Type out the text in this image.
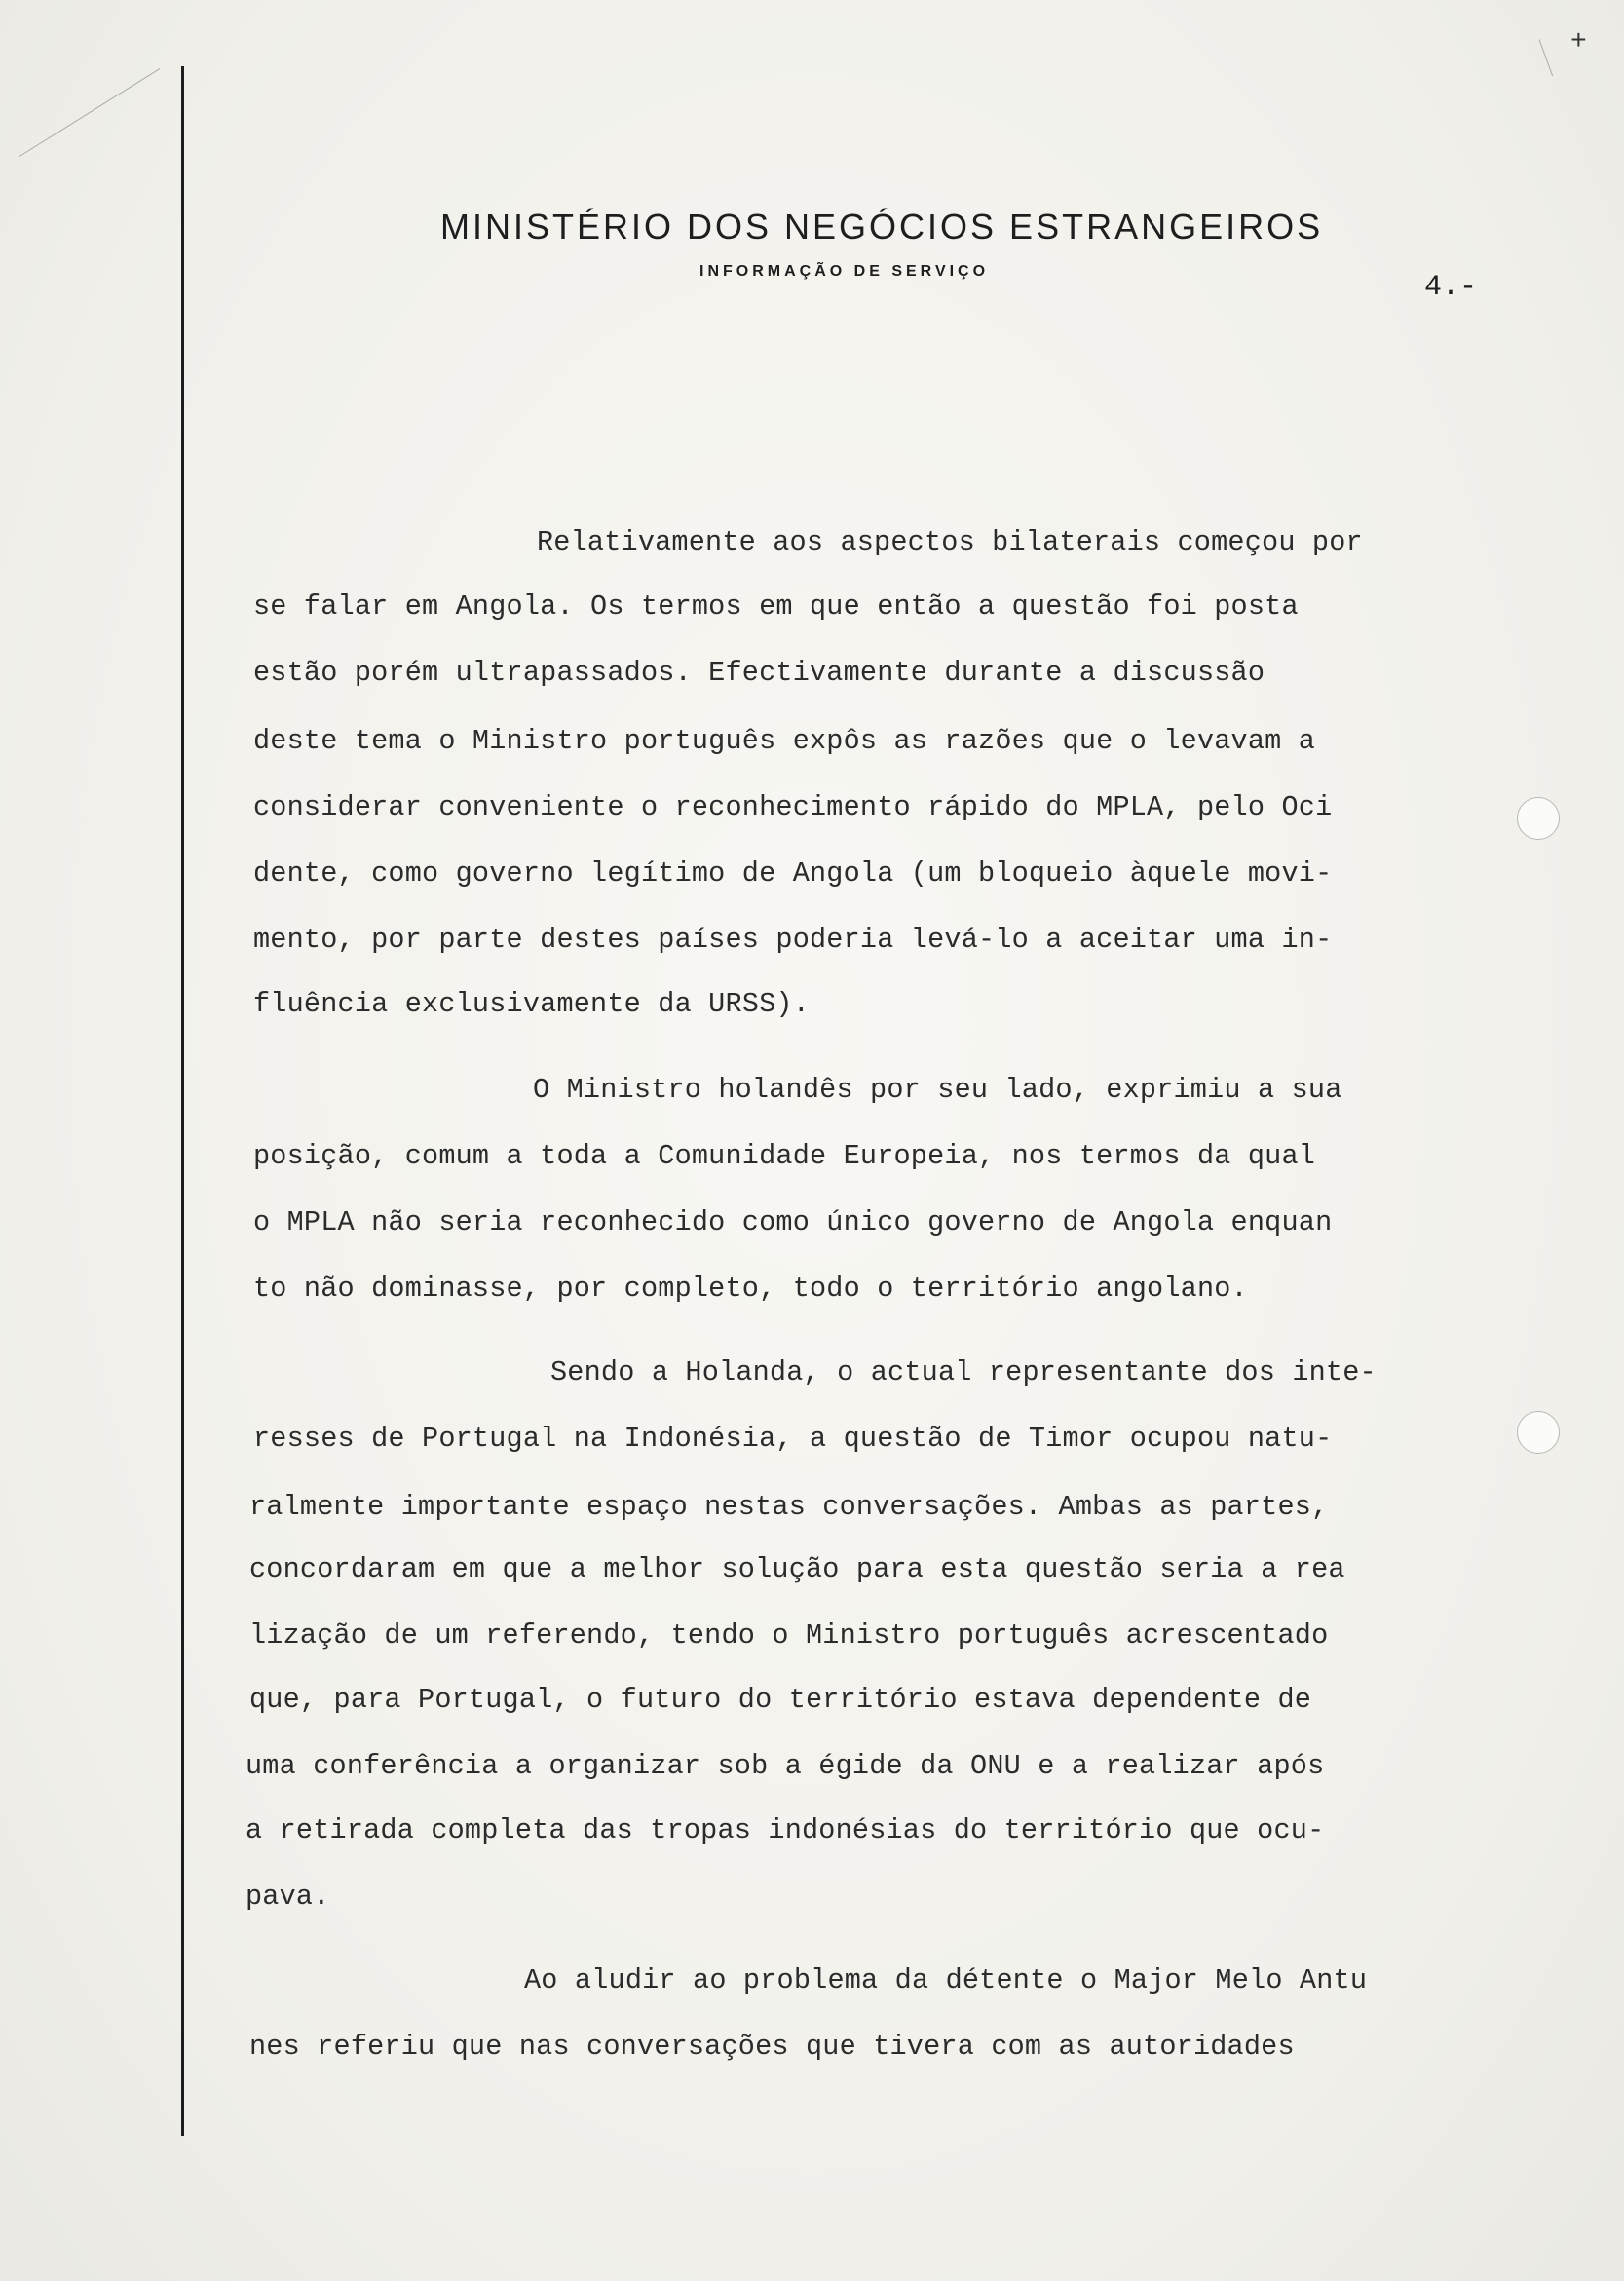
+
MINISTÉRIO DOS NEGÓCIOS ESTRANGEIROS
INFORMAÇÃO DE SERVIÇO	4.-
Relativamente aos aspectos bilaterais começou por
se falar em Angola. Os termos em que então a questão foi posta
estão porém ultrapassados. Efectivamente durante a discussão
deste tema o Ministro português expôs as razões que o levavam a
considerar conveniente o reconhecimento rápido do MPLA, pelo Oci
dente, como governo legítimo de Angola (um bloqueio àquele movi-
mento, por parte destes países poderia levá-lo a aceitar uma in-
fluência exclusivamente da URSS).
O Ministro holandês por seu lado, exprimiu a sua
posição, comum a toda a Comunidade Europeia, nos termos da qual
o MPLA não seria reconhecido como único governo de Angola enquan
to não dominasse, por completo, todo o território angolano.
Sendo a Holanda, o actual representante dos inte-
resses de Portugal na Indonésia, a questão de Timor ocupou natu-
ralmente importante espaço nestas conversações. Ambas as partes,
concordaram em que a melhor solução para esta questão seria a rea
lização de um referendo, tendo o Ministro português acrescentado
que, para Portugal, o futuro do território estava dependente de
uma conferência a organizar sob a égide da ONU e a realizar após
a retirada completa das tropas indonésias do território que ocu-
pava.
Ao aludir ao problema da détente o Major Melo Antu
nes referiu que nas conversações que tivera com as autoridades
